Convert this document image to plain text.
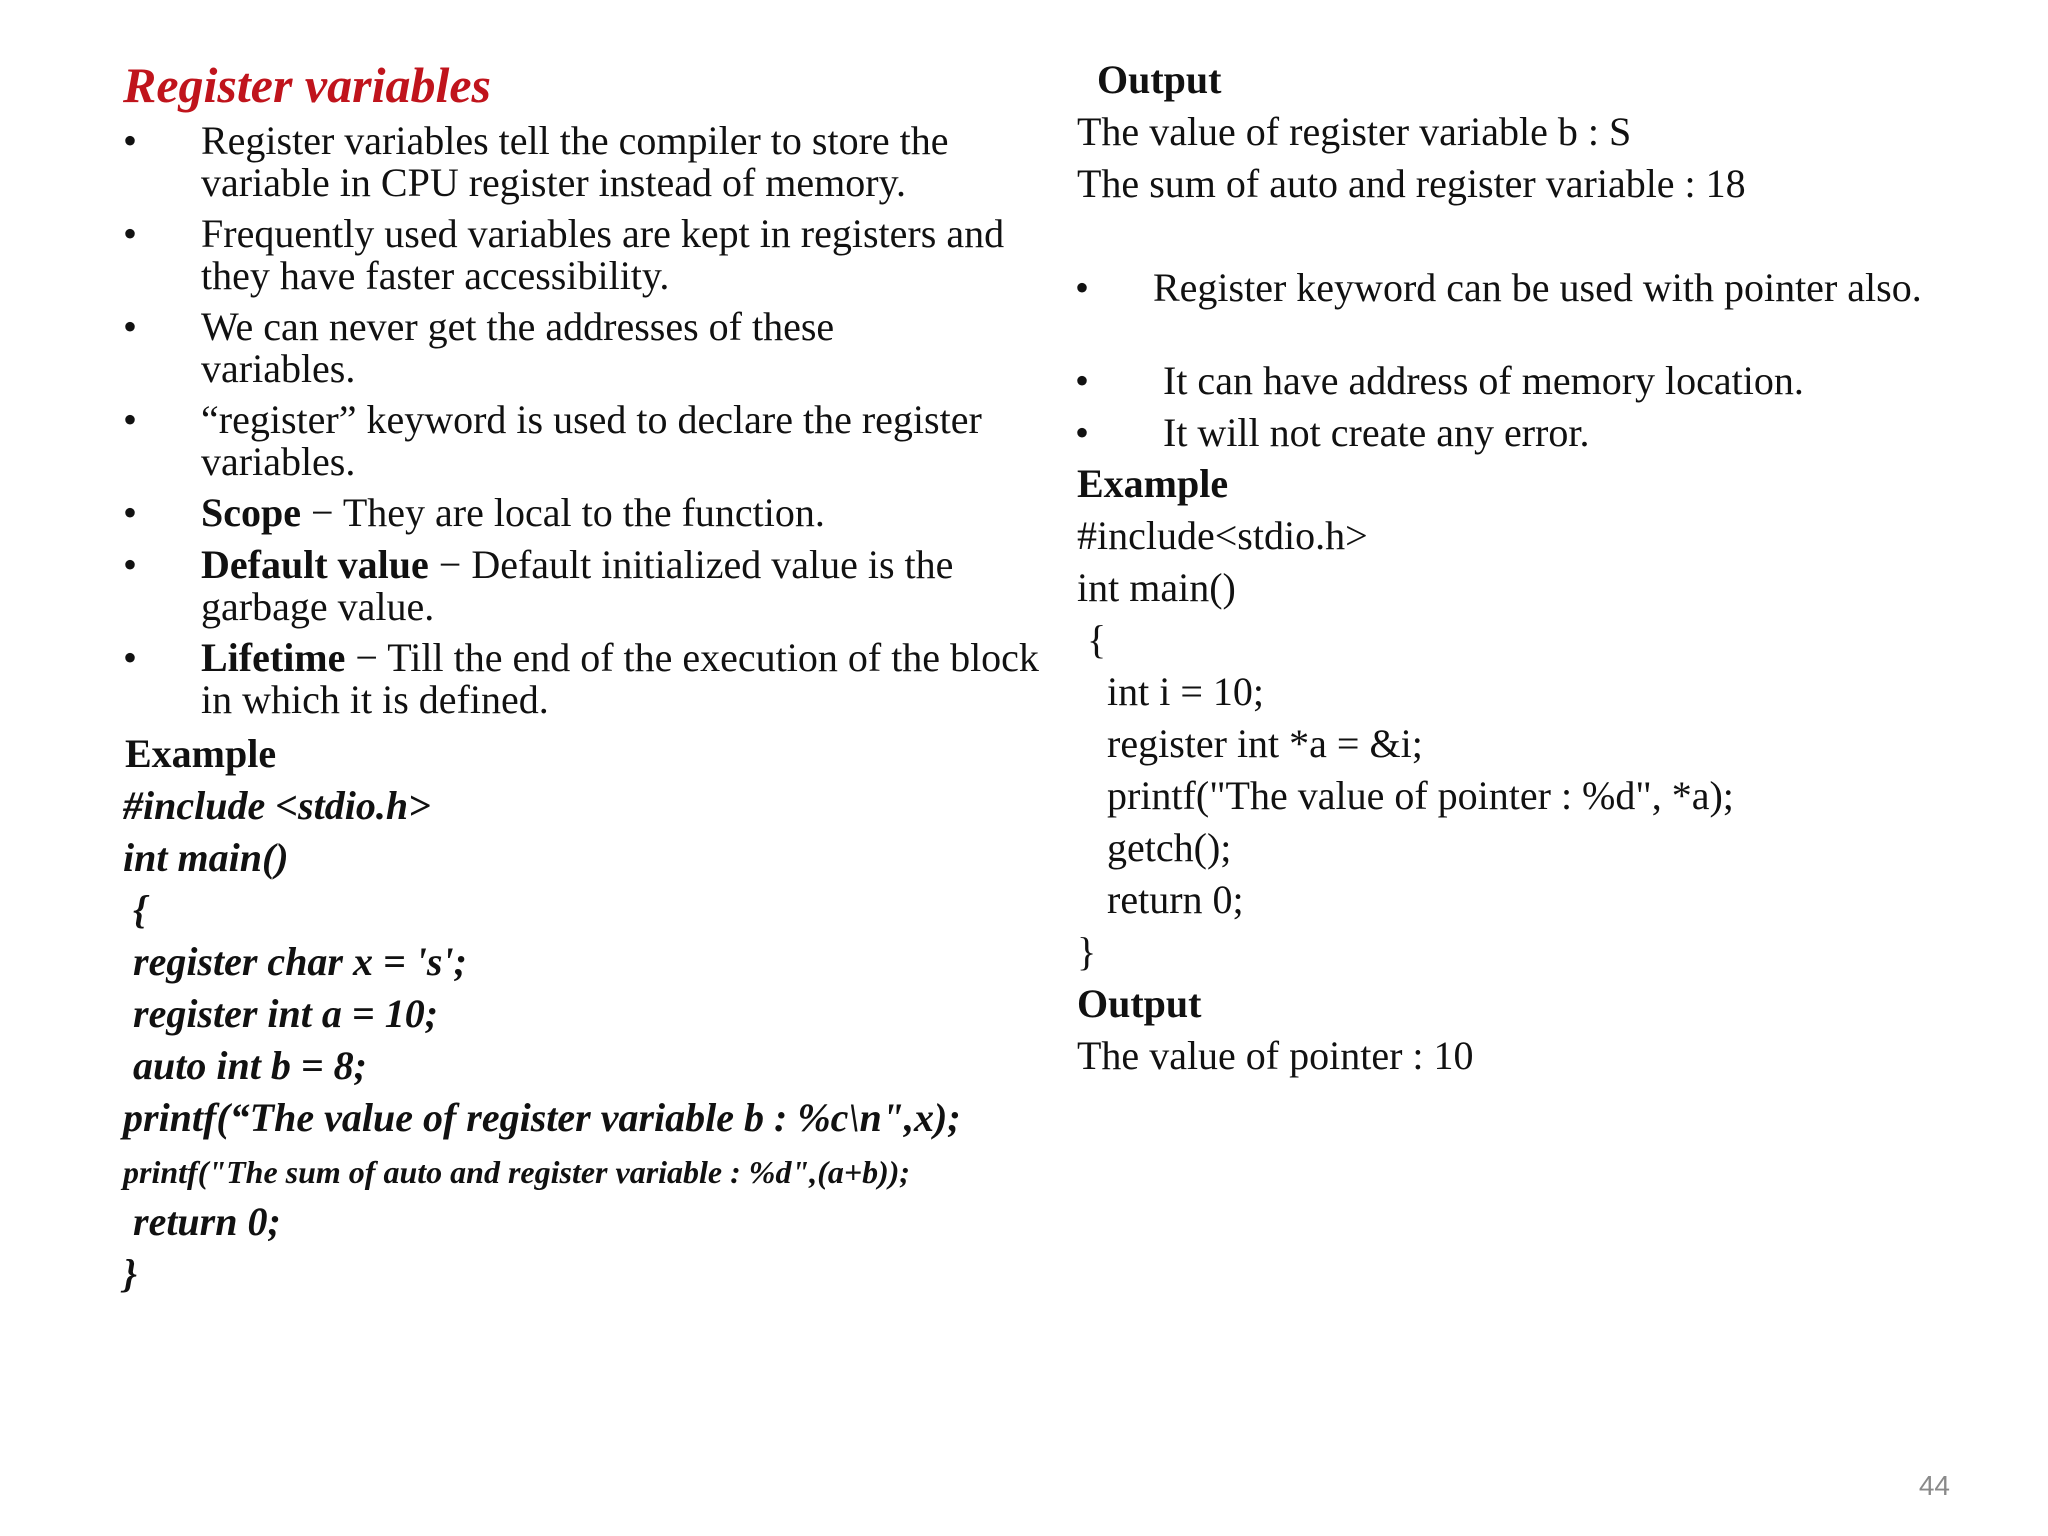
Register variables
• Register variables tell the compiler to store the variable in CPU register instead of memory.
• Frequently used variables are kept in registers and they have faster accessibility.
• We can never get the addresses of these variables.
• “register” keyword is used to declare the register variables.
• Scope − They are local to the function.
• Default value − Default initialized value is the garbage value.
• Lifetime − Till the end of the execution of the block in which it is defined.
Example
#include <stdio.h>
int main()
{
register char x = 's';
register int a = 10;
auto int b = 8;
printf(“The value of register variable b : %c\n",x);
printf("The sum of auto and register variable : %d",(a+b));
return 0;
}
Output
The value of register variable b : S
The sum of auto and register variable : 18
• Register keyword can be used with pointer also.
• It can have address of memory location.
• It will not create any error.
Example
#include<stdio.h>
int main()
{
int i = 10;
register int *a = &i;
printf("The value of pointer : %d", *a);
getch();
return 0;
}
Output
The value of pointer : 10
44
